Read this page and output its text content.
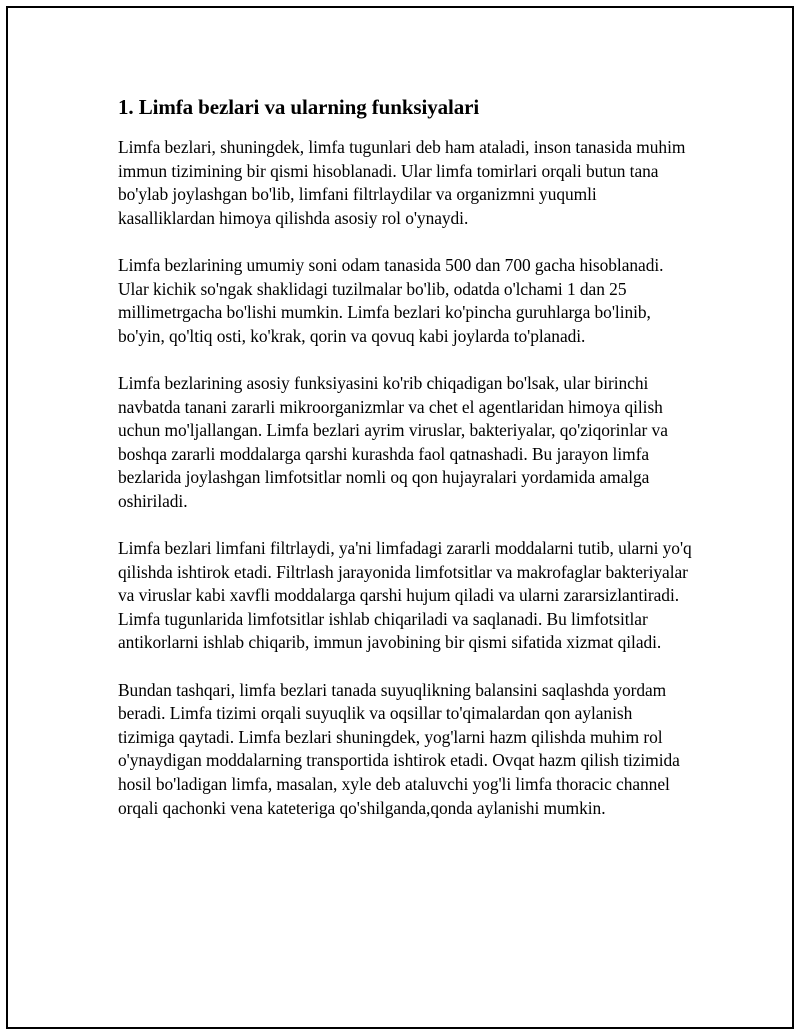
1. Limfa bezlari va ularning funksiyalari

Limfa bezlari, shuningdek, limfa tugunlari deb ham ataladi, inson tanasida muhim immun tizimining bir qismi hisoblanadi. Ular limfa tomirlari orqali butun tana bo'ylab joylashgan bo'lib, limfani filtrlaydilar va organizmni yuqumli kasalliklardan himoya qilishda asosiy rol o'ynaydi.

Limfa bezlarining umumiy soni odam tanasida 500 dan 700 gacha hisoblanadi. Ular kichik so'ngak shaklidagi tuzilmalar bo'lib, odatda o'lchami 1 dan 25 millimetrgacha bo'lishi mumkin. Limfa bezlari ko'pincha guruhlarga bo'linib, bo'yin, qo'ltiq osti, ko'krak, qorin va qovuq kabi joylarda to'planadi.

Limfa bezlarining asosiy funksiyasini ko'rib chiqadigan bo'lsak, ular birinchi navbatda tanani zararli mikroorganizmlar va chet el agentlaridan himoya qilish uchun mo'ljallangan. Limfa bezlari ayrim viruslar, bakteriyalar, qo'ziqorinlar va boshqa zararli moddalarga qarshi kurashda faol qatnashadi. Bu jarayon limfa bezlarida joylashgan limfotsitlar nomli oq qon hujayralari yordamida amalga oshiriladi.

Limfa bezlari limfani filtrlaydi, ya'ni limfadagi zararli moddalarni tutib, ularni yo'q qilishda ishtirok etadi. Filtrlash jarayonida limfotsitlar va makrofaglar bakteriyalar va viruslar kabi xavfli moddalarga qarshi hujum qiladi va ularni zararsizlantiradi. Limfa tugunlarida limfotsitlar ishlab chiqariladi va saqlanadi. Bu limfotsitlar antikorlarni ishlab chiqarib, immun javobining bir qismi sifatida xizmat qiladi.

Bundan tashqari, limfa bezlari tanada suyuqlikning balansini saqlashda yordam beradi. Limfa tizimi orqali suyuqlik va oqsillar to'qimalardan qon aylanish tizimiga qaytadi. Limfa bezlari shuningdek, yog'larni hazm qilishda muhim rol o'ynaydigan moddalarning transportida ishtirok etadi. Ovqat hazm qilish tizimida hosil bo'ladigan limfa, masalan, xyle deb ataluvchi yog'li limfa thoracic channel orqali qachonki vena kateteriga qo'shilganda,qonda aylanishi mumkin.
